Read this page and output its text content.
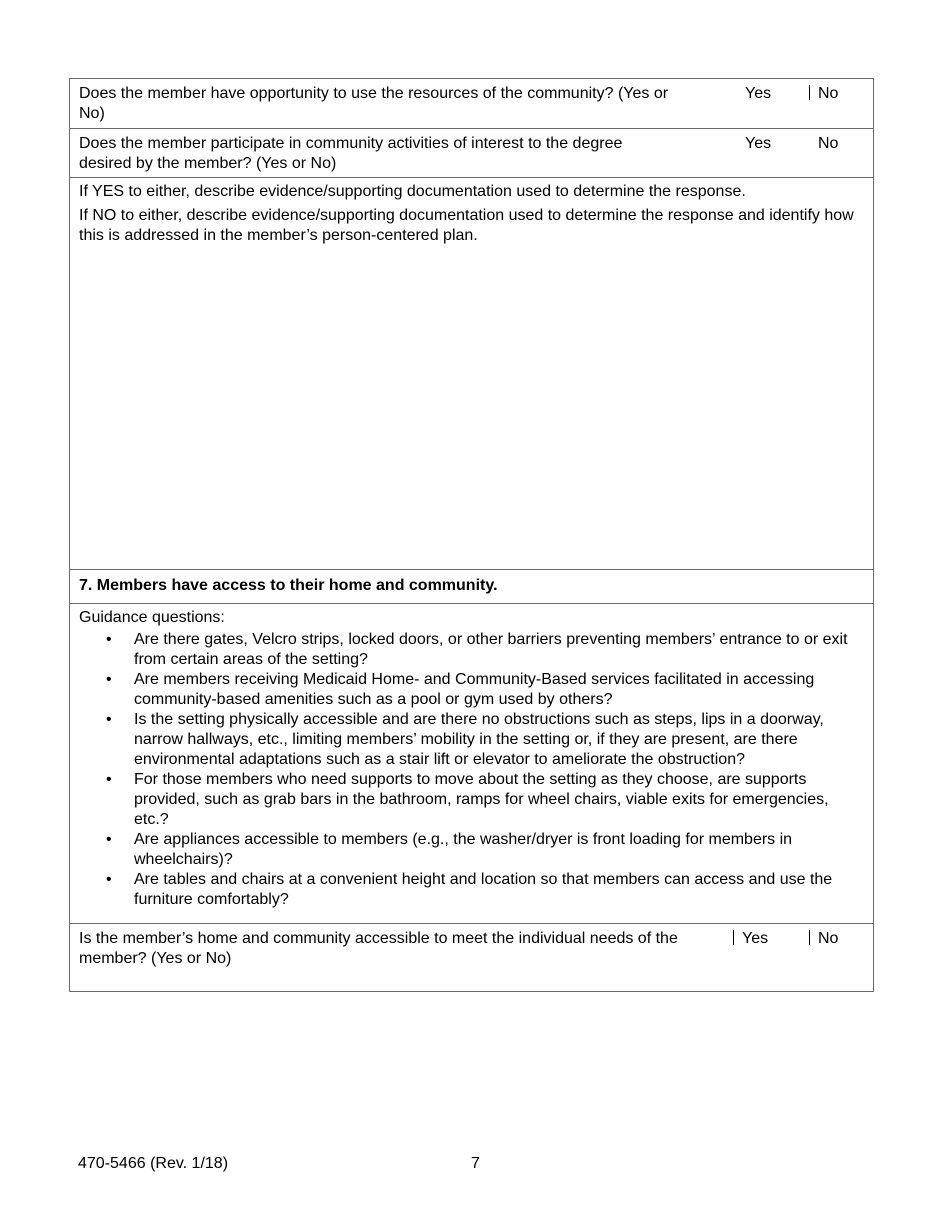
Does the member have opportunity to use the resources of the community? (Yes or No)
Yes	No
Does the member participate in community activities of interest to the degree desired by the member? (Yes or No)
Yes	No

If YES to either, describe evidence/supporting documentation used to determine the response.

If NO to either, describe evidence/supporting documentation used to determine the response and identify how this is addressed in the member’s person-centered plan.

7. Members have access to their home and community.

Guidance questions:

• Are there gates, Velcro strips, locked doors, or other barriers preventing members’ entrance to or exit from certain areas of the setting?
• Are members receiving Medicaid Home- and Community-Based services facilitated in accessing community-based amenities such as a pool or gym used by others?
• Is the setting physically accessible and are there no obstructions such as steps, lips in a doorway, narrow hallways, etc., limiting members’ mobility in the setting or, if they are present, are there environmental adaptations such as a stair lift or elevator to ameliorate the obstruction?
• For those members who need supports to move about the setting as they choose, are supports provided, such as grab bars in the bathroom, ramps for wheel chairs, viable exits for emergencies, etc.?
• Are appliances accessible to members (e.g., the washer/dryer is front loading for members in wheelchairs)?
• Are tables and chairs at a convenient height and location so that members can access and use the furniture comfortably?
Is the member’s home and community accessible to meet the individual needs of the member? (Yes or No)
Yes	No
470-5466 (Rev. 1/18)	7
